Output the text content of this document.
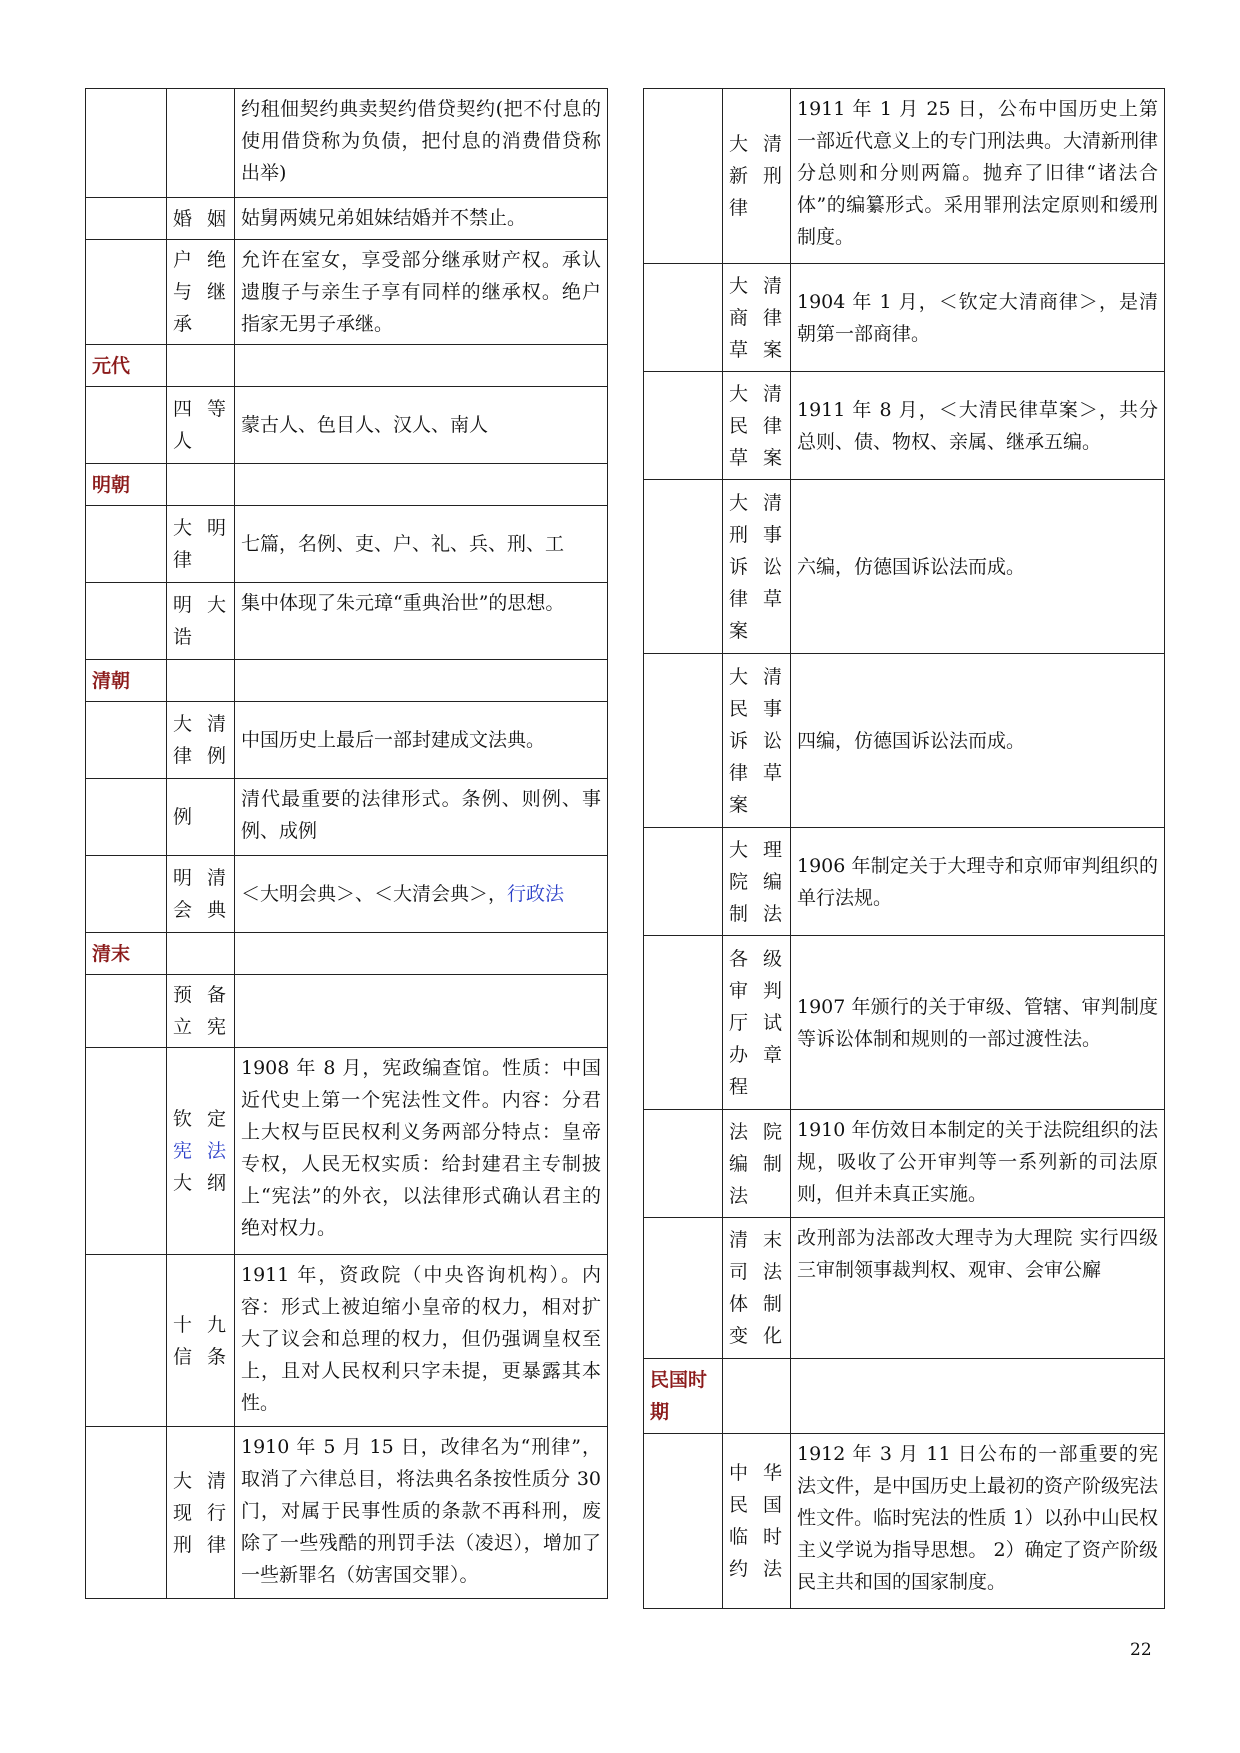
		约租佃契约典卖契约借贷契约(把不付息的使用借贷称为负债，把付息的消费借贷称出举)
	婚姻	姑舅两姨兄弟姐妹结婚并不禁止。
	户绝与继承	允许在室女，享受部分继承财产权。承认遗腹子与亲生子享有同样的继承权。绝户指家无男子承继。
元代		
	四等人	蒙古人、色目人、汉人、南人
明朝		
	大明律	七篇，名例、吏、户、礼、兵、刑、工
	明大诰	集中体现了朱元璋“重典治世”的思想。
清朝		
	大清律例	中国历史上最后一部封建成文法典。
	例	清代最重要的法律形式。条例、则例、事例、成例
	明清会典	＜大明会典＞、＜大清会典＞，行政法
清末		
	预备立宪	
	钦定宪法大纲	1908 年 8 月，宪政编查馆。性质：中国近代史上第一个宪法性文件。内容：分君上大权与臣民权利义务两部分特点：皇帝专权，人民无权实质：给封建君主专制披上“宪法”的外衣，以法律形式确认君主的绝对权力。
	十九信条	1911 年，资政院（中央咨询机构）。内容：形式上被迫缩小皇帝的权力，相对扩大了议会和总理的权力，但仍强调皇权至上，且对人民权利只字未提，更暴露其本性。
	大清现行刑律	1910 年 5 月 15 日，改律名为“刑律”，取消了六律总目，将法典名条按性质分 30 门，对属于民事性质的条款不再科刑，废除了一些残酷的刑罚手法（凌迟），增加了一些新罪名（妨害国交罪）。
	大清新刑律	1911 年 1 月 25 日，公布中国历史上第一部近代意义上的专门刑法典。大清新刑律分总则和分则两篇。抛弃了旧律“诸法合体”的编纂形式。采用罪刑法定原则和缓刑制度。
	大清商律草案	1904 年 1 月，＜钦定大清商律＞，是清朝第一部商律。
	大清民律草案	1911 年 8 月，＜大清民律草案＞，共分总则、债、物权、亲属、继承五编。
	大清刑事诉讼律草案	六编，仿德国诉讼法而成。
	大清民事诉讼律草案	四编，仿德国诉讼法而成。
	大理院编制法	1906 年制定关于大理寺和京师审判组织的单行法规。
	各级审判厅试办章程	1907 年颁行的关于审级、管辖、审判制度等诉讼体制和规则的一部过渡性法。
	法院编制法	1910 年仿效日本制定的关于法院组织的法规，吸收了公开审判等一系列新的司法原则，但并未真正实施。
	清末司法体制变化	改刑部为法部改大理寺为大理院 实行四级三审制领事裁判权、观审、会审公廨
民国时期		
	中华民国临时约法	1912 年 3 月 11 日公布的一部重要的宪法文件，是中国历史上最初的资产阶级宪法性文件。临时宪法的性质 1）以孙中山民权主义学说为指导思想。 2）确定了资产阶级民主共和国的国家制度。
22
